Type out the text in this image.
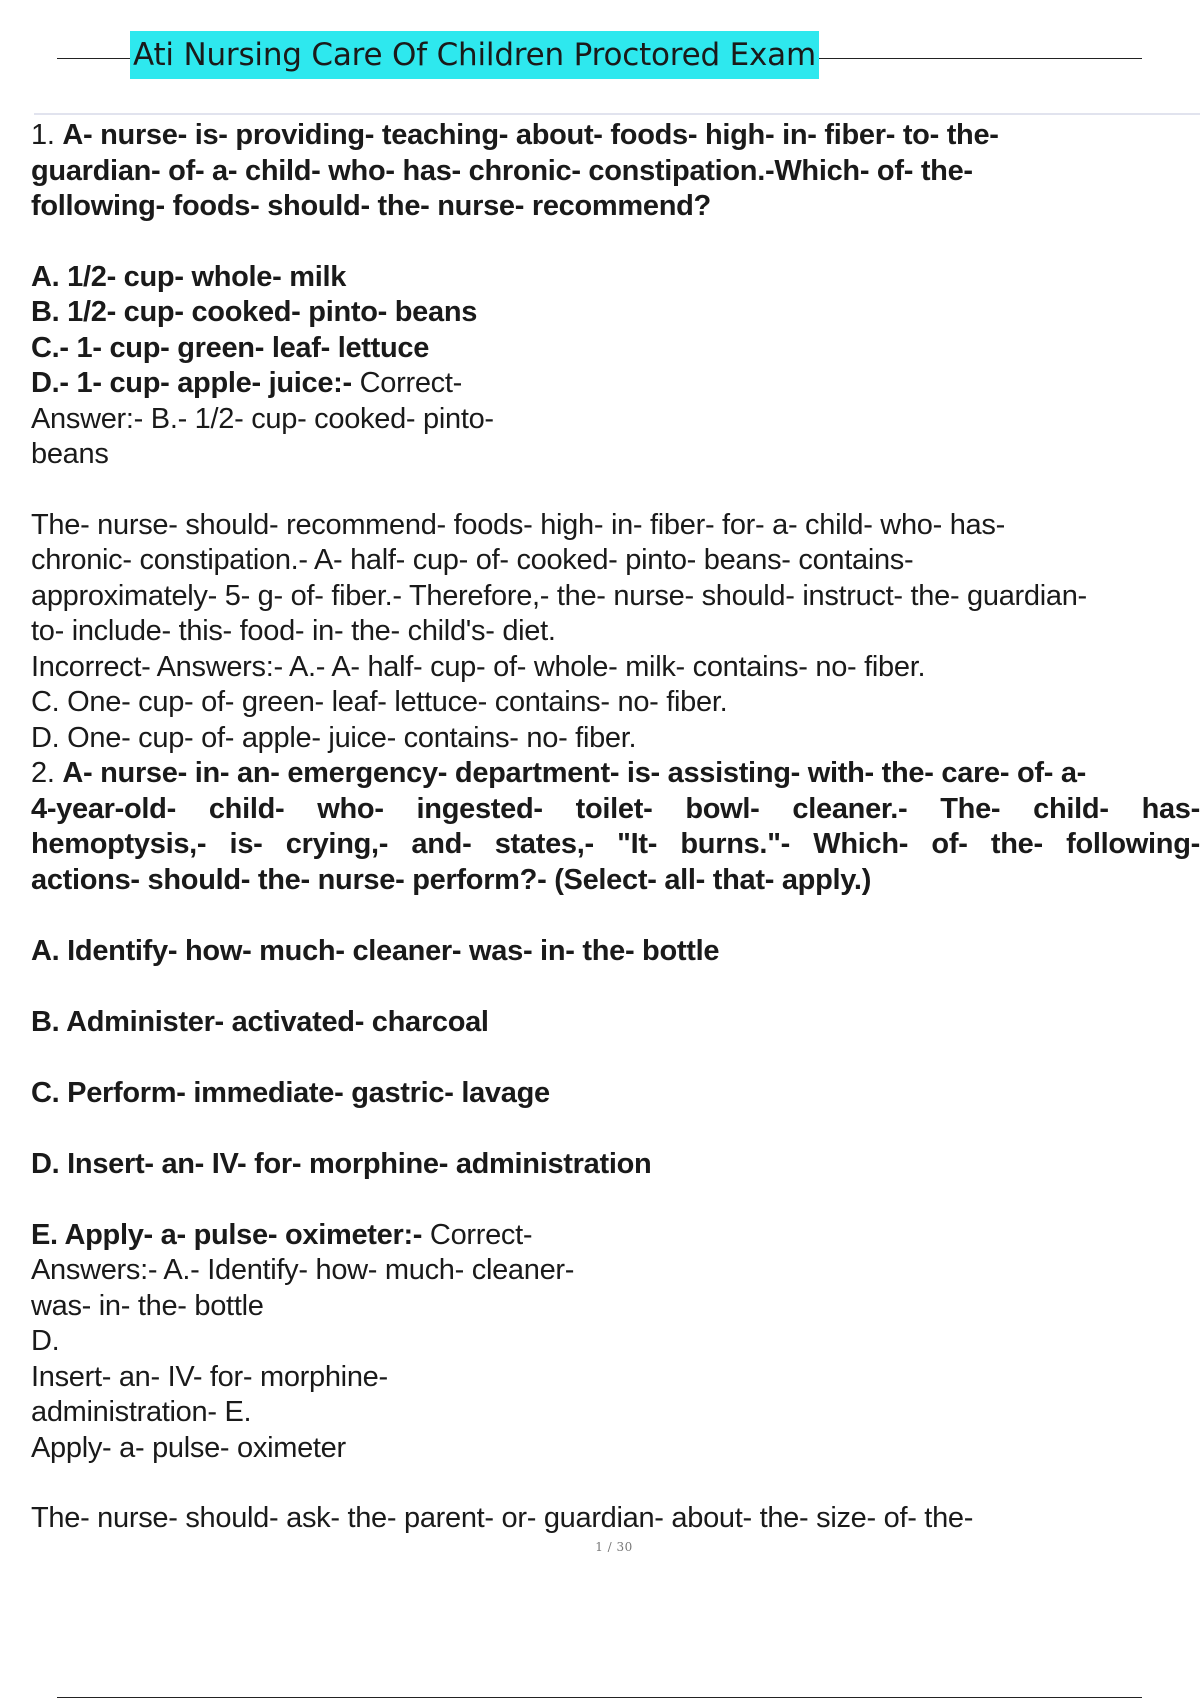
Ati Nursing Care Of Children Proctored Exam
1. A- nurse- is- providing- teaching- about- foods- high- in- fiber- to- the-
guardian- of- a- child- who- has- chronic- constipation.-Which- of- the-
following- foods- should- the- nurse- recommend?
A. 1/2- cup- whole- milk
B. 1/2- cup- cooked- pinto- beans
C.- 1- cup- green- leaf- lettuce
D.- 1- cup- apple- juice:- Correct-
Answer:- B.- 1/2- cup- cooked- pinto-
beans
The- nurse- should- recommend- foods- high- in- fiber- for- a- child- who- has-
chronic- constipation.- A- half- cup- of- cooked- pinto- beans- contains-
approximately- 5- g- of- fiber.- Therefore,- the- nurse- should- instruct- the- guardian-
to- include- this- food- in- the- child's- diet.
Incorrect- Answers:- A.- A- half- cup- of- whole- milk- contains- no- fiber.
C. One- cup- of- green- leaf- lettuce- contains- no- fiber.
D. One- cup- of- apple- juice- contains- no- fiber.
2. A- nurse- in- an- emergency- department- is- assisting- with- the- care- of- a-
4-year-old- child- who- ingested- toilet- bowl- cleaner.- The- child- has-
hemoptysis,- is- crying,- and- states,- "It- burns."- Which- of- the- following-
actions- should- the- nurse- perform?- (Select- all- that- apply.)
A. Identify- how- much- cleaner- was- in- the- bottle
B. Administer- activated- charcoal
C. Perform- immediate- gastric- lavage
D. Insert- an- IV- for- morphine- administration
E. Apply- a- pulse- oximeter:- Correct-
Answers:- A.- Identify- how- much- cleaner-
was- in- the- bottle
D.
Insert- an- IV- for- morphine-
administration- E.
Apply- a- pulse- oximeter
The- nurse- should- ask- the- parent- or- guardian- about- the- size- of- the-
1 / 30
